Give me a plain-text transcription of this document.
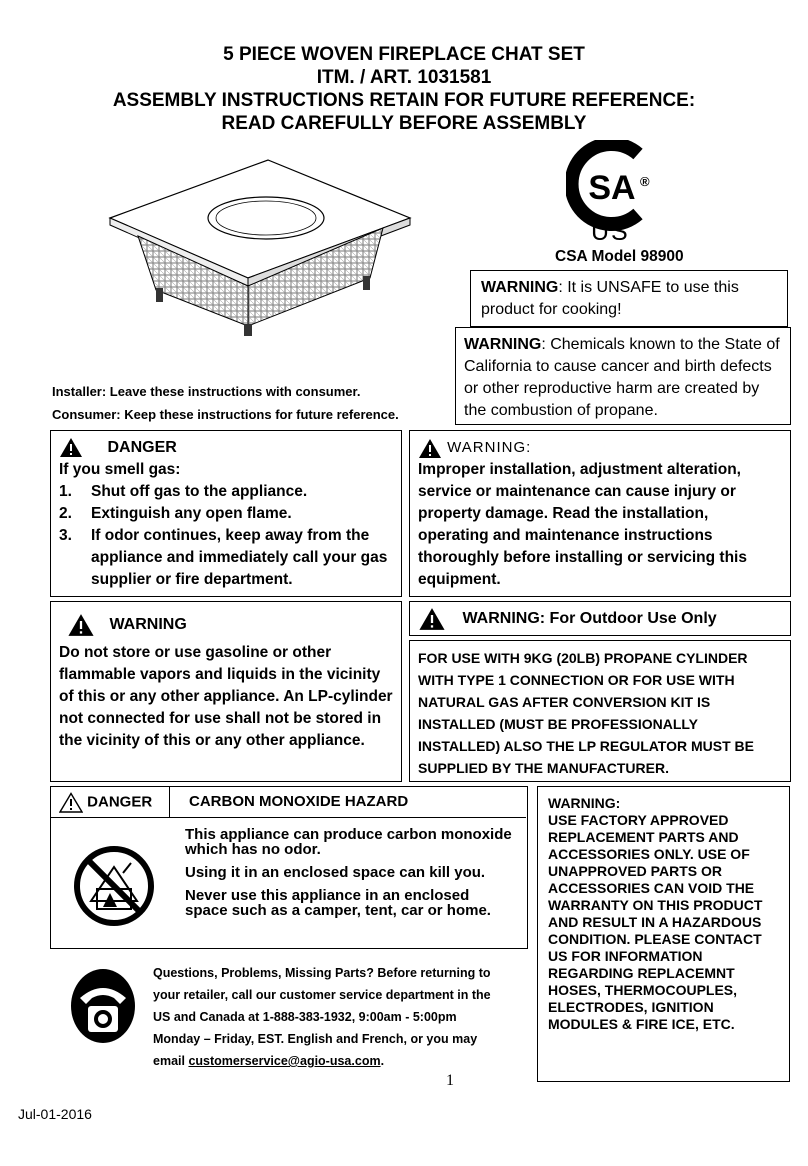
5 PIECE WOVEN FIREPLACE CHAT SET
ITM. / ART. 1031581
ASSEMBLY INSTRUCTIONS RETAIN FOR FUTURE REFERENCE:
READ CAREFULLY BEFORE ASSEMBLY
SA ®
US
CSA Model 98900
WARNING: It is UNSAFE to use this product for cooking!
WARNING: Chemicals known to the State of California to cause cancer and birth defects or other reproductive harm are created by the combustion of propane.
Installer: Leave these instructions with consumer.
Consumer: Keep these instructions for future reference.
DANGER
If you smell gas:
1.	Shut off gas to the appliance.
2.	Extinguish any open flame.
3.	If odor continues, keep away from the appliance and immediately call your gas supplier or fire department.
WARNING:
Improper installation, adjustment alteration, service or maintenance can cause injury or property damage. Read the installation, operating and maintenance instructions thoroughly before installing or servicing this equipment.
WARNING
Do not store or use gasoline or other flammable vapors and liquids in the vicinity of this or any other appliance. An LP-cylinder not connected for use shall not be stored in the vicinity of this or any other appliance.
WARNING: For Outdoor Use Only
FOR USE WITH 9KG (20LB) PROPANE CYLINDER WITH TYPE 1 CONNECTION OR FOR USE WITH NATURAL GAS AFTER CONVERSION KIT IS INSTALLED (MUST BE PROFESSIONALLY INSTALLED) ALSO THE LP REGULATOR MUST BE SUPPLIED BY THE MANUFACTURER.
DANGER CARBON MONOXIDE HAZARD
This appliance can produce carbon monoxide which has no odor.
Using it in an enclosed space can kill you.
Never use this appliance in an enclosed space such as a camper, tent, car or home.
Questions, Problems, Missing Parts? Before returning to your retailer, call our customer service department in the US and Canada at 1-888-383-1932, 9:00am - 5:00pm Monday – Friday, EST. English and French, or you may email customerservice@agio-usa.com.
WARNING:
USE FACTORY APPROVED REPLACEMENT PARTS AND ACCESSORIES ONLY. USE OF UNAPPROVED PARTS OR ACCESSORIES CAN VOID THE WARRANTY ON THIS PRODUCT AND RESULT IN A HAZARDOUS CONDITION. PLEASE CONTACT US FOR INFORMATION REGARDING REPLACEMNT HOSES, THERMOCOUPLES, ELECTRODES, IGNITION MODULES & FIRE ICE, ETC.
1
Jul-01-2016
